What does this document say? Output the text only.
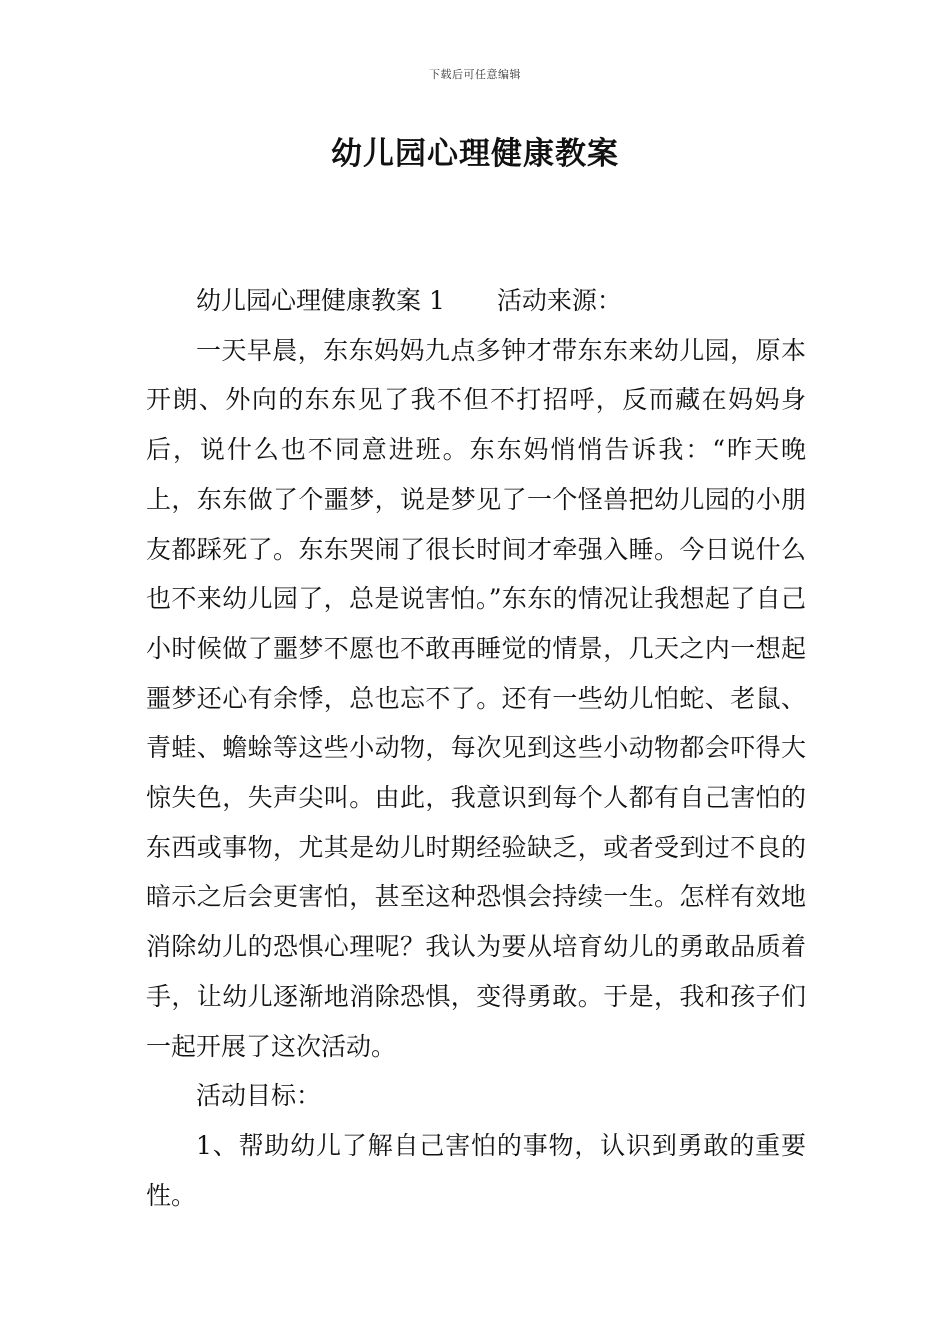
下载后可任意编辑
幼儿园心理健康教案

幼儿园心理健康教案 1 活动来源：

一天早晨，东东妈妈九点多钟才带东东来幼儿园，原本开朗、外向的东东见了我不但不打招呼，反而藏在妈妈身后，说什么也不同意进班。东东妈悄悄告诉我：“昨天晚上，东东做了个噩梦，说是梦见了一个怪兽把幼儿园的小朋友都踩死了。东东哭闹了很长时间才牵强入睡。今日说什么也不来幼儿园了，总是说害怕。”东东的情况让我想起了自己小时候做了噩梦不愿也不敢再睡觉的情景，几天之内一想起噩梦还心有余悸，总也忘不了。还有一些幼儿怕蛇、老鼠、青蛙、蟾蜍等这些小动物，每次见到这些小动物都会吓得大惊失色，失声尖叫。由此，我意识到每个人都有自己害怕的东西或事物，尤其是幼儿时期经验缺乏，或者受到过不良的暗示之后会更害怕，甚至这种恐惧会持续一生。怎样有效地消除幼儿的恐惧心理呢？我认为要从培育幼儿的勇敢品质着手，让幼儿逐渐地消除恐惧，变得勇敢。于是，我和孩子们一起开展了这次活动。

活动目标：

1、帮助幼儿了解自己害怕的事物，认识到勇敢的重要性。
